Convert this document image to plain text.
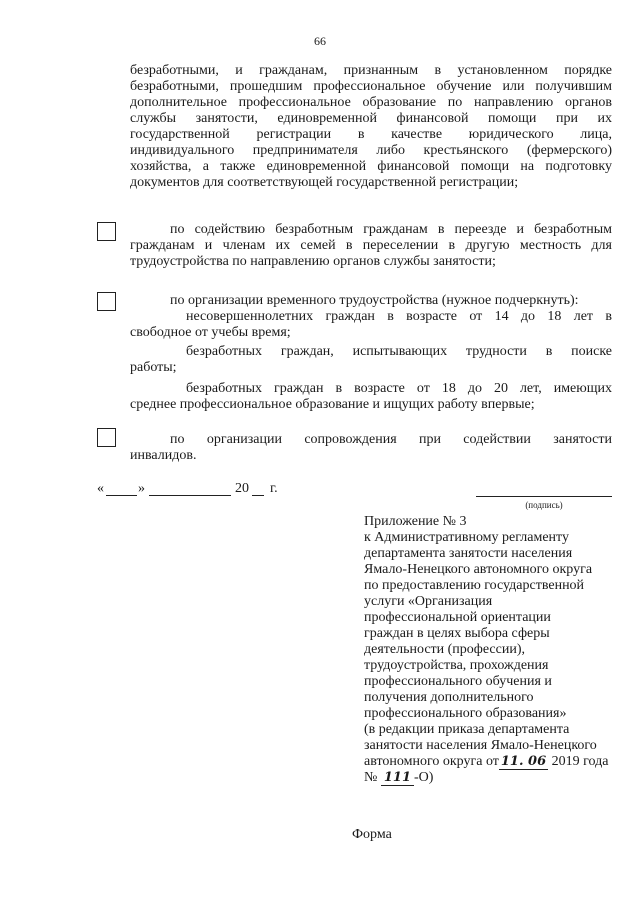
66
безработными, и гражданам, признанным в установленном порядке
безработными, прошедшим профессиональное обучение или получившим
дополнительное профессиональное образование по направлению органов
службы занятости, единовременной финансовой помощи при их
государственной регистрации в качестве юридического лица,
индивидуального предпринимателя либо крестьянского (фермерского)
хозяйства, а также единовременной финансовой помощи на подготовку
документов для соответствующей государственной регистрации;
по содействию безработным гражданам в переезде и безработным
гражданам и членам их семей в переселении в другую местность для
трудоустройства по направлению органов службы занятости;
по организации временного трудоустройства (нужное подчеркнуть):
несовершеннолетних граждан в возрасте от 14 до 18 лет в
свободное от учебы время;
безработных граждан, испытывающих трудности в поиске
работы;
безработных граждан в возрасте от 18 до 20 лет, имеющих
среднее профессиональное образование и ищущих работу впервые;
по организации сопровождения при содействии занятости
инвалидов.
« »	20 г.
(подпись)
Приложение № 3
к Административному регламенту
департамента занятости населения
Ямало-Ненецкого автономного округа
по предоставлению государственной
услуги «Организация
профессиональной ориентации
граждан в целях выбора сферы
деятельности (профессии),
трудоустройства, прохождения
профессионального обучения и
получения дополнительного
профессионального образования»
(в редакции приказа департамента
занятости населения Ямало-Ненецкого
автономного округа от 11. 06 2019 года
№ 111 -О)
Форма
